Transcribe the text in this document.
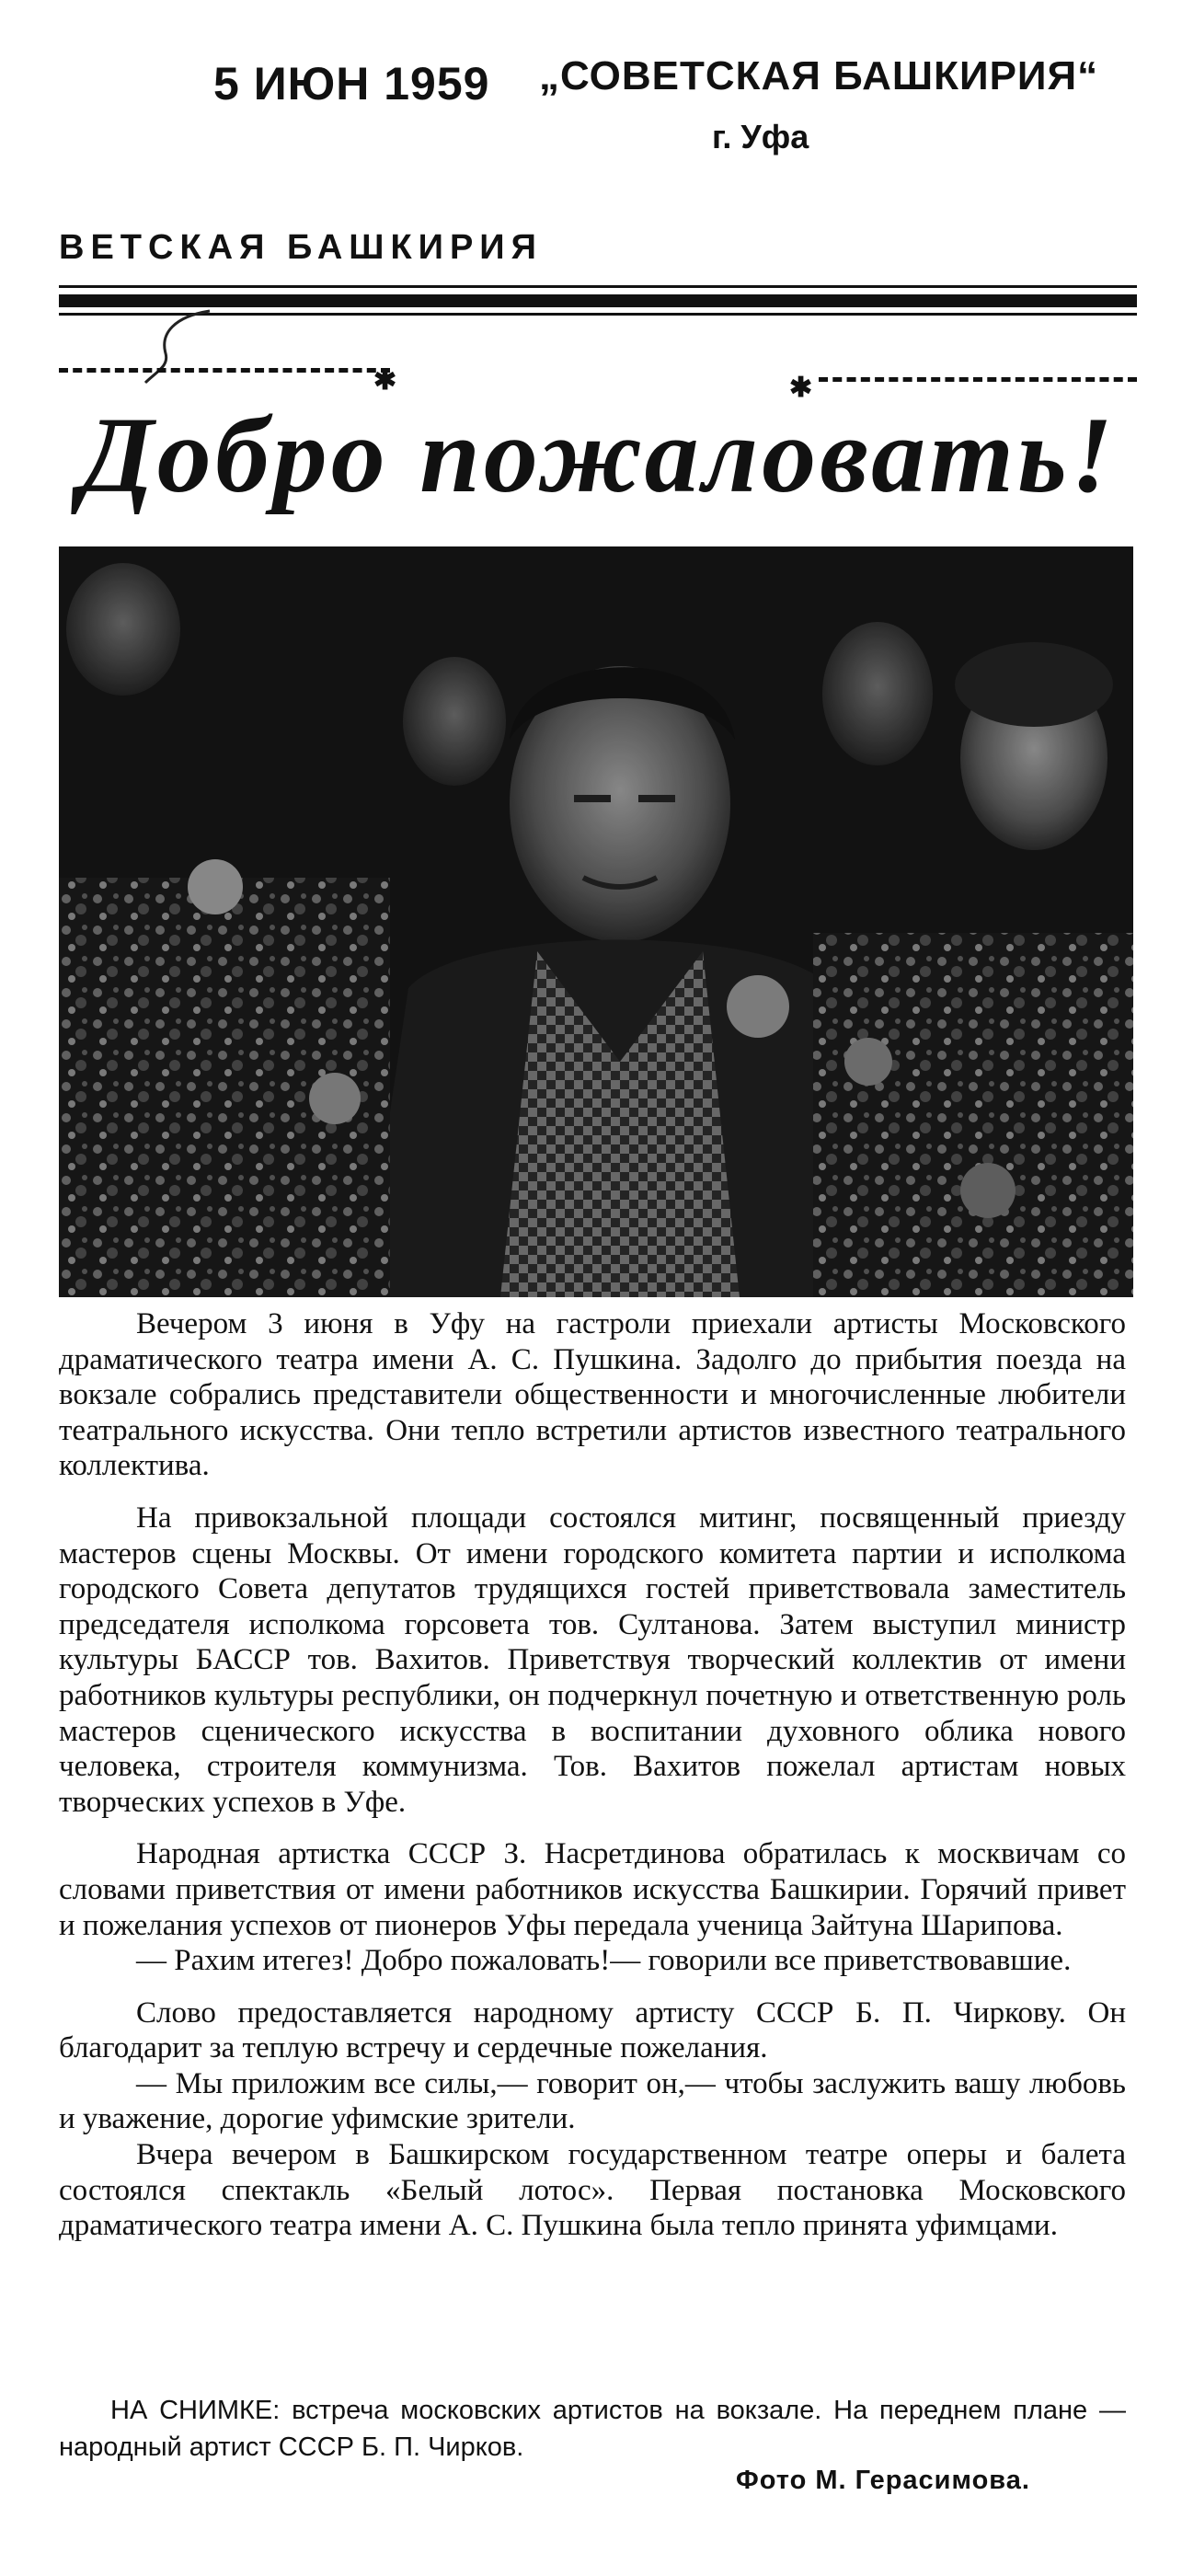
5 ИЮН 1959 „СОВЕТСКАЯ БАШКИРИЯ“
г. Уфа
ВЕТСКАЯ БАШКИРИЯ
✱	✱
Добро пожаловать!

Вечером 3 июня в Уфу на гастроли приехали артисты Московского драматического театра имени А. С. Пушкина. Задолго до прибытия поезда на вокзале собрались представители общественности и многочисленные любители театрального искусства. Они тепло встретили артистов известного театрального коллектива.

На привокзальной площади состоялся митинг, посвященный приезду мастеров сцены Москвы. От имени городского комитета партии и исполкома городского Совета депутатов трудящихся гостей приветствовала заместитель председателя исполкома горсовета тов. Султанова. Затем выступил министр культуры БАССР тов. Вахитов. Приветствуя творческий коллектив от имени работников культуры республики, он подчеркнул почетную и ответственную роль мастеров сценического искусства в воспитании духовного облика нового человека, строителя коммунизма. Тов. Вахитов пожелал артистам новых творческих успехов в Уфе.

Народная артистка СССР З. Насретдинова обратилась к москвичам со словами приветствия от имени работников искусства Башкирии. Горячий привет и пожелания успехов от пионеров Уфы передала ученица Зайтуна Шарипова.

— Рахим итегез! Добро пожаловать!— говорили все приветствовавшие.

Слово предоставляется народному артисту СССР Б. П. Чиркову. Он благодарит за теплую встречу и сердечные пожелания.

— Мы приложим все силы,— говорит он,— чтобы заслужить вашу любовь и уважение, дорогие уфимские зрители.

Вчера вечером в Башкирском государственном театре оперы и балета состоялся спектакль «Белый лотос». Первая постановка Московского драматического театра имени А. С. Пушкина была тепло принята уфимцами.

НА СНИМКЕ: встреча московских артистов на вокзале. На переднем плане — народный артист СССР Б. П. Чирков.
Фото М. Герасимова.
